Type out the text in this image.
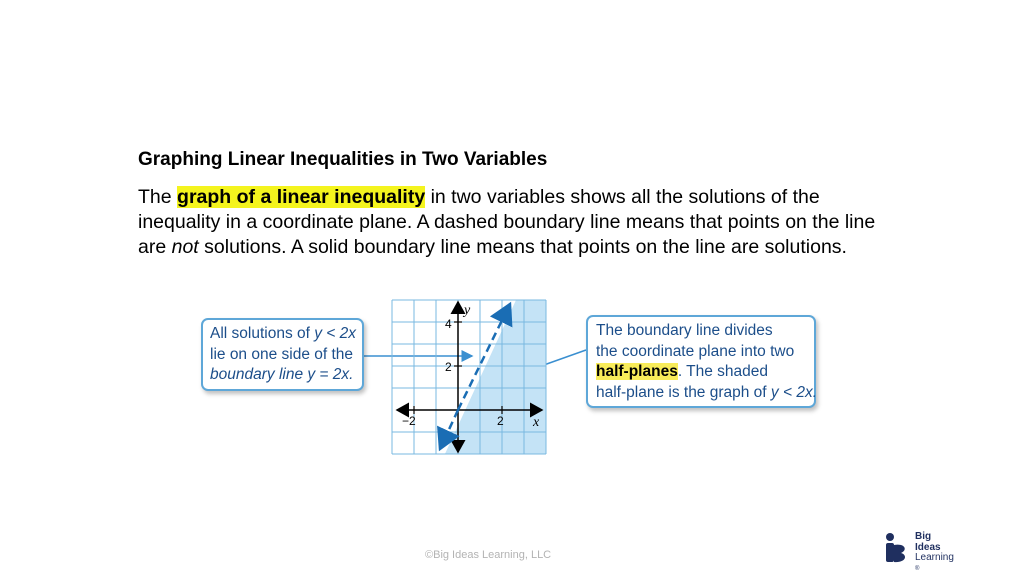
Graphing Linear Inequalities in Two Variables

The graph of a linear inequality in two variables shows all the solutions of the inequality in a coordinate plane. A dashed boundary line means that points on the line are not solutions. A solid boundary line means that points on the line are solutions.

y
x
4
2
−2	2
All solutions of y < 2x
lie on one side of the
boundary line y = 2x.
The boundary line divides
the coordinate plane into two
half-planes. The shaded
half-plane is the graph of y < 2x.
©Big Ideas Learning, LLC
Big
Ideas
Learning
®
